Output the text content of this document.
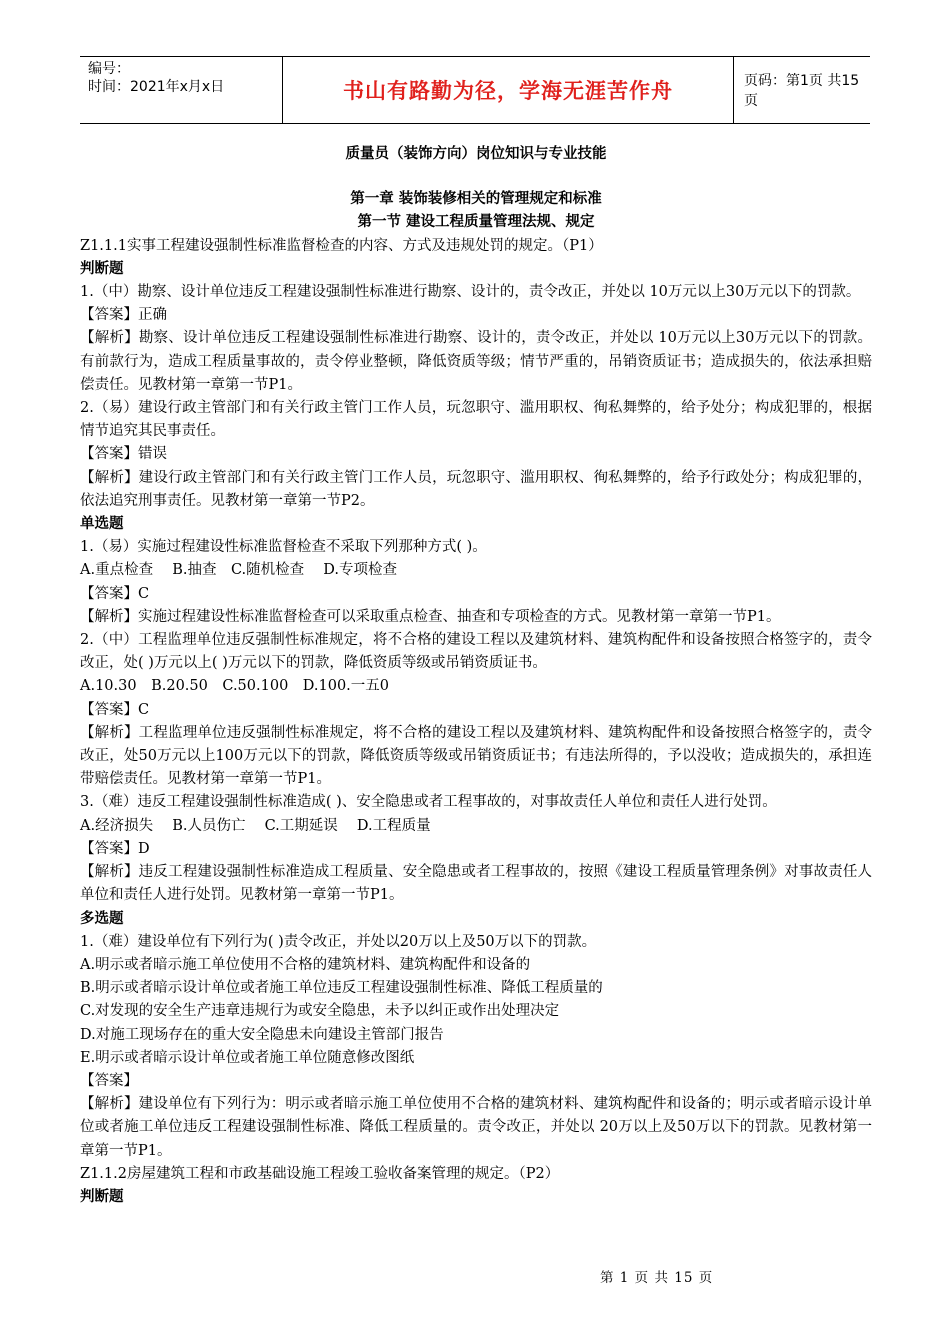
编号：
时间：2021年x月x日	书山有路勤为径，学海无涯苦作舟	页码：第1页 共15页

质量员（装饰方向）岗位知识与专业技能

第一章 装饰装修相关的管理规定和标准

第一节 建设工程质量管理法规、规定

Z1.1.1实事工程建设强制性标准监督检查的内容、方式及违规处罚的规定。（P1）

判断题

1.（中）勘察、设计单位违反工程建设强制性标准进行勘察、设计的，责令改正，并处以 10万元以上30万元以下的罚款。

【答案】正确

【解析】勘察、设计单位违反工程建设强制性标准进行勘察、设计的，责令改正，并处以 10万元以上30万元以下的罚款。有前款行为，造成工程质量事故的，责令停业整顿，降低资质等级；情节严重的，吊销资质证书；造成损失的，依法承担赔偿责任。见教材第一章第一节P1。

2.（易）建设行政主管部门和有关行政主管门工作人员，玩忽职守、滥用职权、徇私舞弊的，给予处分；构成犯罪的，根据情节追究其民事责任。

【答案】错误

【解析】建设行政主管部门和有关行政主管门工作人员，玩忽职守、滥用职权、徇私舞弊的，给予行政处分；构成犯罪的，依法追究刑事责任。见教材第一章第一节P2。

单选题

1.（易）实施过程建设性标准监督检查不采取下列那种方式( )。

A.重点检查　 B.抽查　C.随机检查　 D.专项检查

【答案】C

【解析】实施过程建设性标准监督检查可以采取重点检查、抽查和专项检查的方式。见教材第一章第一节P1。

2.（中）工程监理单位违反强制性标准规定，将不合格的建设工程以及建筑材料、建筑构配件和设备按照合格签字的，责令改正，处( )万元以上( )万元以下的罚款，降低资质等级或吊销资质证书。

A.10.30　B.20.50　C.50.100　D.100.一五0

【答案】C

【解析】工程监理单位违反强制性标准规定，将不合格的建设工程以及建筑材料、建筑构配件和设备按照合格签字的，责令改正，处50万元以上100万元以下的罚款，降低资质等级或吊销资质证书；有违法所得的，予以没收；造成损失的，承担连带赔偿责任。见教材第一章第一节P1。

3.（难）违反工程建设强制性标准造成( )、安全隐患或者工程事故的，对事故责任人单位和责任人进行处罚。

A.经济损失　 B.人员伤亡　 C.工期延误　 D.工程质量

【答案】D

【解析】违反工程建设强制性标准造成工程质量、安全隐患或者工程事故的，按照《建设工程质量管理条例》对事故责任人单位和责任人进行处罚。见教材第一章第一节P1。

多选题

1.（难）建设单位有下列行为( )责令改正，并处以20万以上及50万以下的罚款。

A.明示或者暗示施工单位使用不合格的建筑材料、建筑构配件和设备的

B.明示或者暗示设计单位或者施工单位违反工程建设强制性标准、降低工程质量的

C.对发现的安全生产违章违规行为或安全隐患，未予以纠正或作出处理决定

D.对施工现场存在的重大安全隐患未向建设主管部门报告

E.明示或者暗示设计单位或者施工单位随意修改图纸

【答案】

【解析】建设单位有下列行为：明示或者暗示施工单位使用不合格的建筑材料、建筑构配件和设备的；明示或者暗示设计单位或者施工单位违反工程建设强制性标准、降低工程质量的。责令改正，并处以 20万以上及50万以下的罚款。见教材第一章第一节P1。

Z1.1.2房屋建筑工程和市政基础设施工程竣工验收备案管理的规定。（P2）

判断题

第 1 页 共 15 页
